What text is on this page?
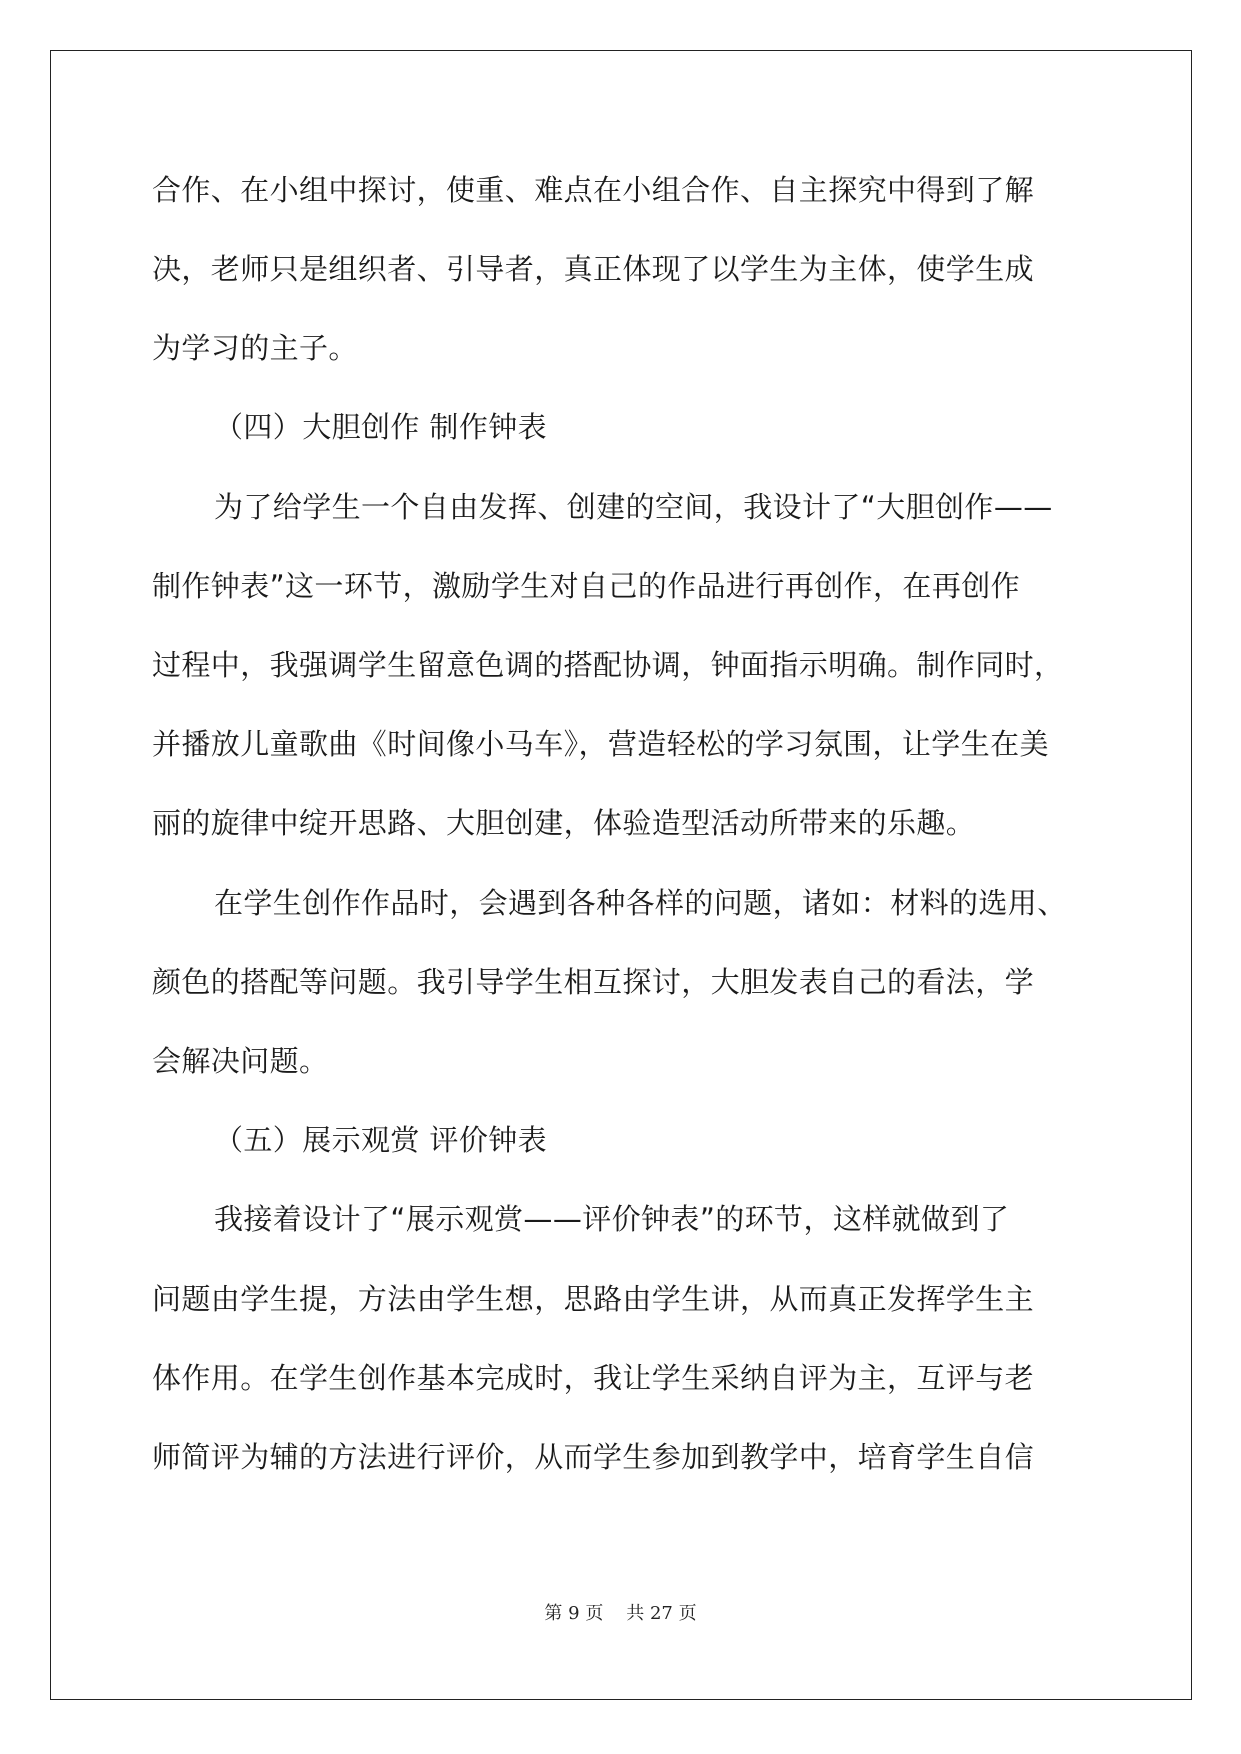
合作、在小组中探讨，使重、难点在小组合作、自主探究中得到了解
决，老师只是组织者、引导者，真正体现了以学生为主体，使学生成
为学习的主子。
（四）大胆创作 制作钟表
为了给学生一个自由发挥、创建的空间，我设计了“大胆创作——
制作钟表”这一环节，激励学生对自己的作品进行再创作，在再创作
过程中，我强调学生留意色调的搭配协调，钟面指示明确。制作同时，
并播放儿童歌曲《时间像小马车》，营造轻松的学习氛围，让学生在美
丽的旋律中绽开思路、大胆创建，体验造型活动所带来的乐趣。
在学生创作作品时，会遇到各种各样的问题，诸如：材料的选用、
颜色的搭配等问题。我引导学生相互探讨，大胆发表自己的看法，学
会解决问题。
（五）展示观赏 评价钟表
我接着设计了“展示观赏——评价钟表”的环节，这样就做到了
问题由学生提，方法由学生想，思路由学生讲，从而真正发挥学生主
体作用。在学生创作基本完成时，我让学生采纳自评为主，互评与老
师简评为辅的方法进行评价，从而学生参加到教学中，培育学生自信
第 9 页 共 27 页
